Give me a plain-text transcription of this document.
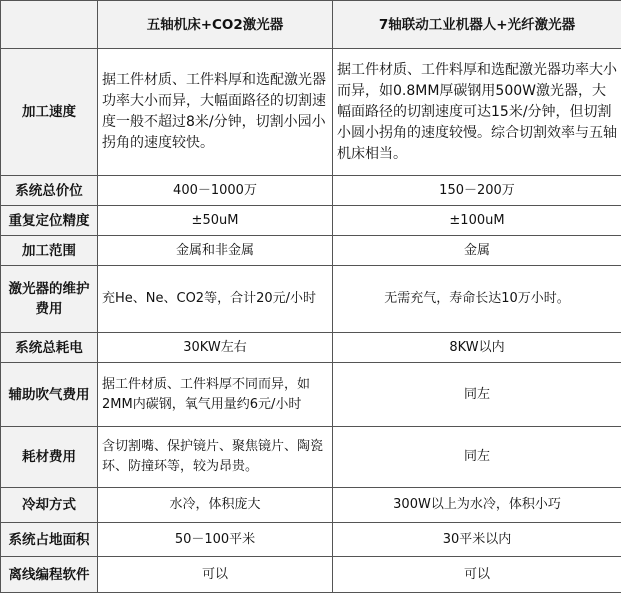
	五轴机床+CO2激光器	7轴联动工业机器人+光纤激光器
加工速度	据工件材质、工件料厚和选配激光器功率大小而异，大幅面路径的切割速度一般不超过8米/分钟，切割小园小拐角的速度较快。	据工件材质、工件料厚和选配激光器功率大小而异，如0.8MM厚碳钢用500W激光器，大幅面路径的切割速度可达15米/分钟，但切割小圆小拐角的速度较慢。综合切割效率与五轴机床相当。
系统总价位	400－1000万	150－200万
重复定位精度	±50uM	±100uM
加工范围	金属和非金属	金属
激光器的维护费用	充He、Ne、CO2等，合计20元/小时	无需充气，寿命长达10万小时。
系统总耗电	30KW左右	8KW以内
辅助吹气费用	据工件材质、工件料厚不同而异，如2MM内碳钢，氧气用量约6元/小时	同左
耗材费用	含切割嘴、保护镜片、聚焦镜片、陶瓷环、防撞环等，较为昂贵。	同左
冷却方式	水冷，体积庞大	300W以上为水冷，体积小巧
系统占地面积	50－100平米	30平米以内
离线编程软件	可以	可以
